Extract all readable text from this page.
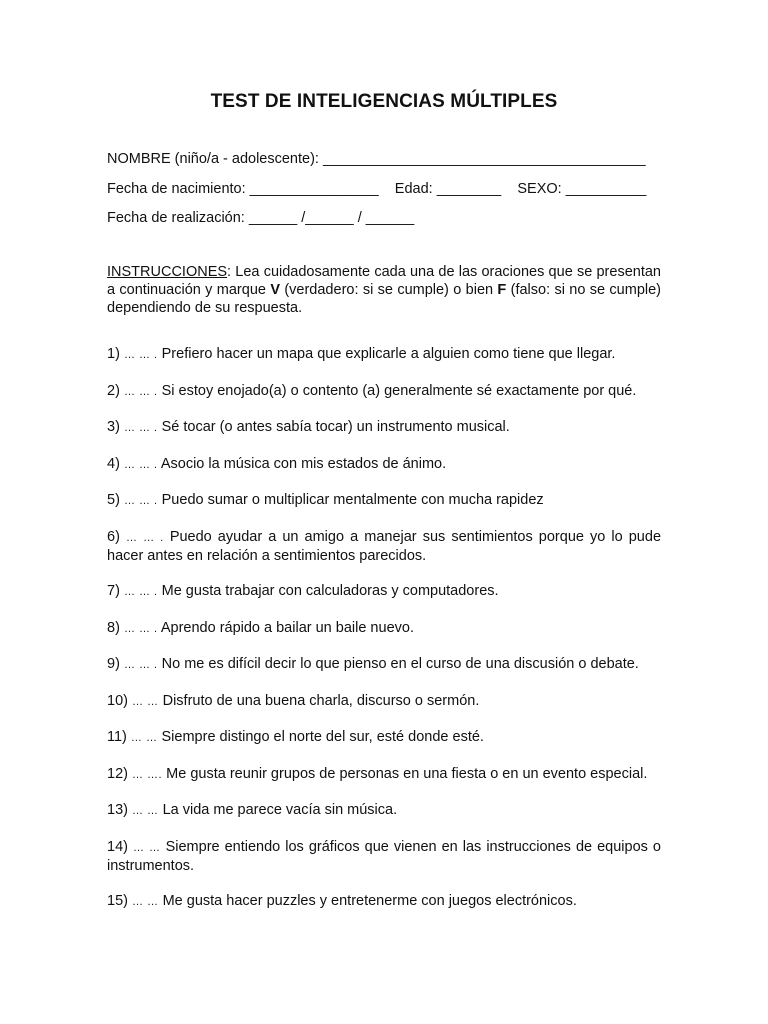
TEST DE INTELIGENCIAS MÚLTIPLES
NOMBRE (niño/a - adolescente): ________________________________________
Fecha de nacimiento: ________________    Edad: ________    SEXO: __________
Fecha de realización: ______ /______ / ______
INSTRUCCIONES: Lea cuidadosamente cada una de las oraciones que se presentan a continuación y marque V (verdadero: si se cumple) o bien F (falso: si no se cumple) dependiendo de su respuesta.
1) … … . Prefiero hacer un mapa que explicarle a alguien como tiene que llegar.
2) … … . Si estoy enojado(a) o contento (a) generalmente sé exactamente por qué.
3) … … . Sé tocar (o antes sabía tocar) un instrumento musical.
4) … … . Asocio la música con mis estados de ánimo.
5) … … . Puedo sumar o multiplicar mentalmente con mucha rapidez
6) … … . Puedo ayudar a un amigo a manejar sus sentimientos porque yo lo pude hacer antes en relación a sentimientos parecidos.
7) … … . Me gusta trabajar con calculadoras y computadores.
8) … … . Aprendo rápido a bailar un baile nuevo.
9) … … . No me es difícil decir lo que pienso en el curso de una discusión o debate.
10) … … Disfruto de una buena charla, discurso o sermón.
11) … … Siempre distingo el norte del sur, esté donde esté.
12) … …. Me gusta reunir grupos de personas en una fiesta o en un evento especial.
13) … … La vida me parece vacía sin música.
14) … … Siempre entiendo los gráficos que vienen en las instrucciones de equipos o instrumentos.
15) … … Me gusta hacer puzzles y entretenerme con juegos electrónicos.
